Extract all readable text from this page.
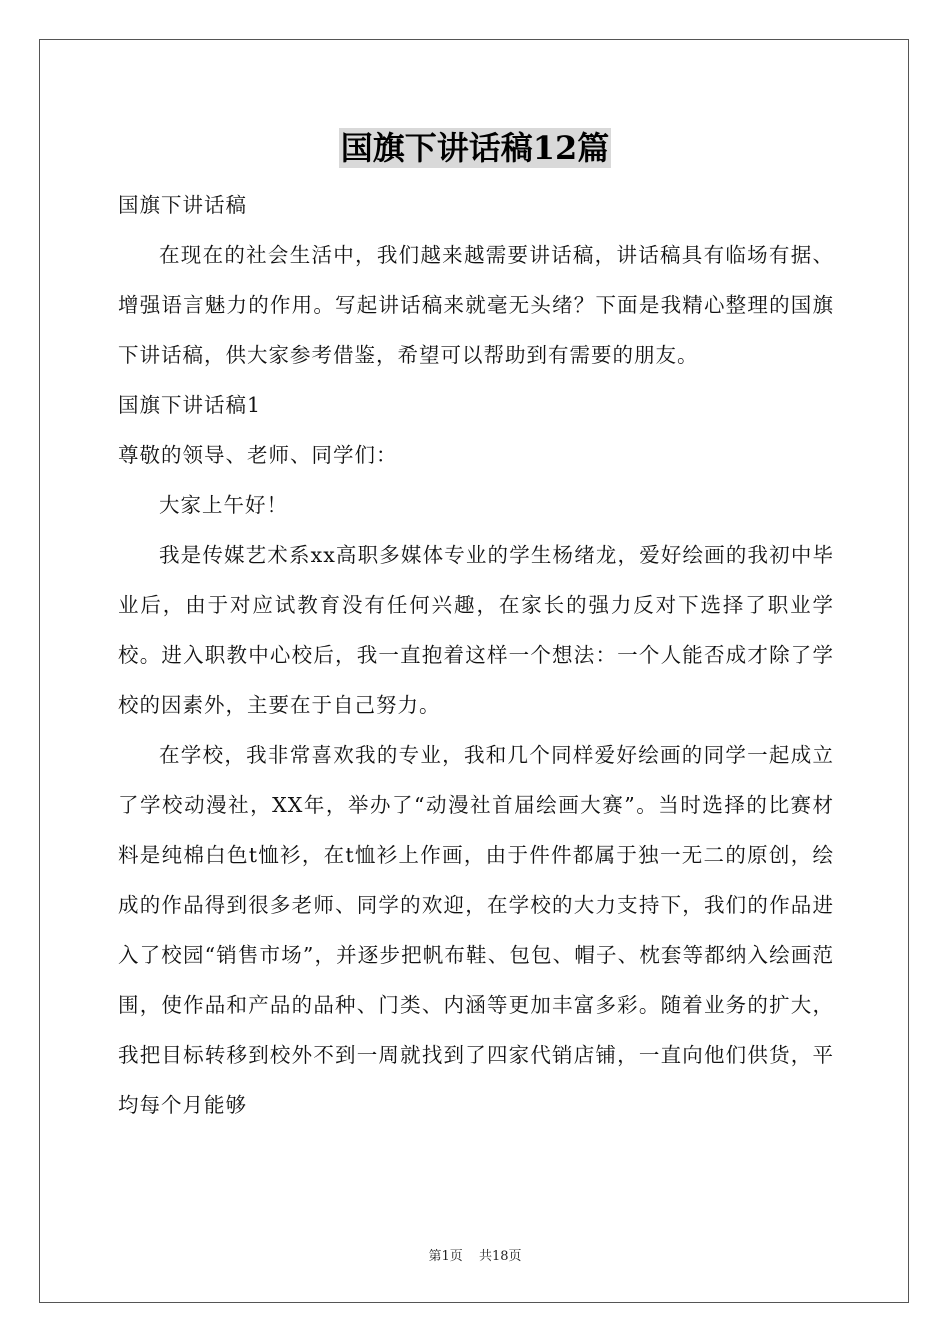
国旗下讲话稿12篇

国旗下讲话稿

在现在的社会生活中，我们越来越需要讲话稿，讲话稿具有临场有据、增强语言魅力的作用。写起讲话稿来就毫无头绪？下面是我精心整理的国旗下讲话稿，供大家参考借鉴，希望可以帮助到有需要的朋友。

国旗下讲话稿1

尊敬的领导、老师、同学们：

大家上午好！

我是传媒艺术系xx高职多媒体专业的学生杨绪龙，爱好绘画的我初中毕业后，由于对应试教育没有任何兴趣，在家长的强力反对下选择了职业学校。进入职教中心校后，我一直抱着这样一个想法：一个人能否成才除了学校的因素外，主要在于自己努力。

在学校，我非常喜欢我的专业，我和几个同样爱好绘画的同学一起成立了学校动漫社，XX年，举办了“动漫社首届绘画大赛”。当时选择的比赛材料是纯棉白色t恤衫，在t恤衫上作画，由于件件都属于独一无二的原创，绘成的作品得到很多老师、同学的欢迎，在学校的大力支持下，我们的作品进入了校园“销售市场”，并逐步把帆布鞋、包包、帽子、枕套等都纳入绘画范围，使作品和产品的品种、门类、内涵等更加丰富多彩。随着业务的扩大，我把目标转移到校外不到一周就找到了四家代销店铺，一直向他们供货，平均每个月能够

第1页 共18页
